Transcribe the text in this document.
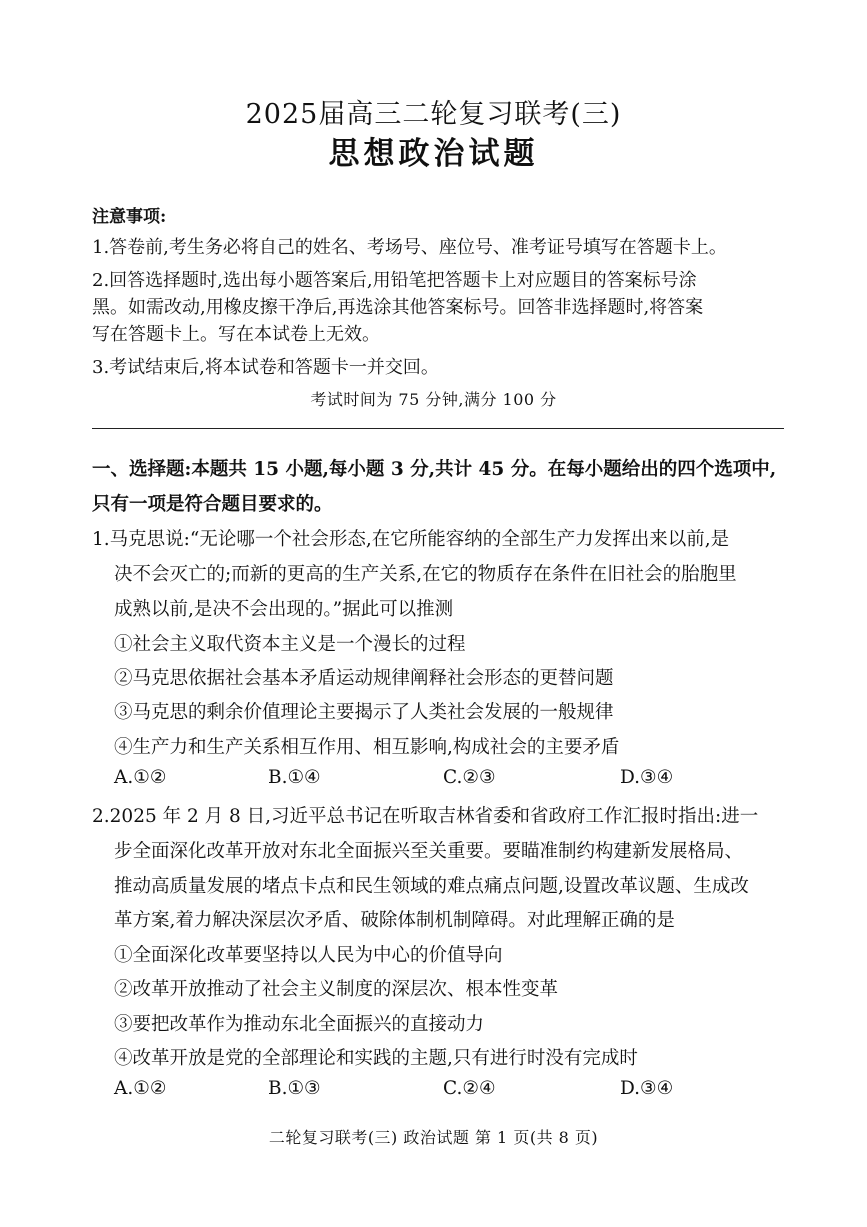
2025届高三二轮复习联考(三)
思想政治试题
注意事项:
1.答卷前,考生务必将自己的姓名、考场号、座位号、准考证号填写在答题卡上。
2.回答选择题时,选出每小题答案后,用铅笔把答题卡上对应题目的答案标号涂
黑。如需改动,用橡皮擦干净后,再选涂其他答案标号。回答非选择题时,将答案
写在答题卡上。写在本试卷上无效。
3.考试结束后,将本试卷和答题卡一并交回。
考试时间为 75 分钟,满分 100 分
一、选择题:本题共 15 小题,每小题 3 分,共计 45 分。在每小题给出的四个选项中,
只有一项是符合题目要求的。
1.马克思说:“无论哪一个社会形态,在它所能容纳的全部生产力发挥出来以前,是
决不会灭亡的;而新的更高的生产关系,在它的物质存在条件在旧社会的胎胞里
成熟以前,是决不会出现的。”据此可以推测
①社会主义取代资本主义是一个漫长的过程
②马克思依据社会基本矛盾运动规律阐释社会形态的更替问题
③马克思的剩余价值理论主要揭示了人类社会发展的一般规律
④生产力和生产关系相互作用、相互影响,构成社会的主要矛盾
A.①②	B.①④	C.②③	D.③④
2.2025 年 2 月 8 日,习近平总书记在听取吉林省委和省政府工作汇报时指出:进一
步全面深化改革开放对东北全面振兴至关重要。要瞄准制约构建新发展格局、
推动高质量发展的堵点卡点和民生领域的难点痛点问题,设置改革议题、生成改
革方案,着力解决深层次矛盾、破除体制机制障碍。对此理解正确的是
①全面深化改革要坚持以人民为中心的价值导向
②改革开放推动了社会主义制度的深层次、根本性变革
③要把改革作为推动东北全面振兴的直接动力
④改革开放是党的全部理论和实践的主题,只有进行时没有完成时
A.①②	B.①③	C.②④	D.③④
二轮复习联考(三) 政治试题 第 1 页(共 8 页)
